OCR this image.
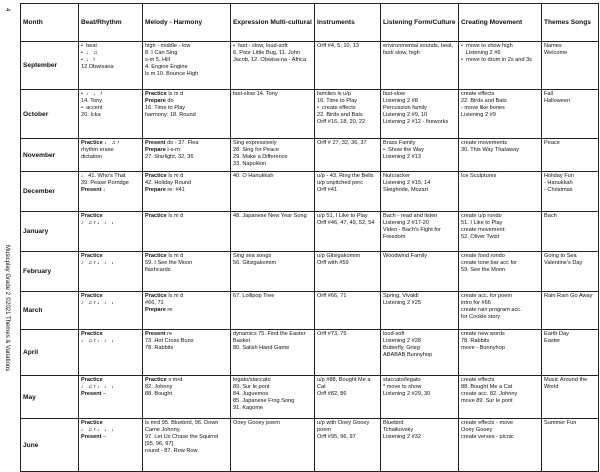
4
Musicplay Grade 2 ©2021 Themes & Variations
Month	Beat/Rhythm	Melody - Harmony	Expression Multi-cultural	Instruments	Listening Form/Culture	Creating Movement	Themes Songs
September	•  beat
•  ♩ ♫
•  ♩ 𝄽
12.Obwisana	high - middle - low
8. I Can Sing
s-m 5. Hill
4. Engine Engine
ls m 10. Bounce High	•  fast - slow, loud-soft
6. Poor Little Bug, 11. John Jacob, 12. Obwisa-na - Africa	Orff #4, 5, 10, 13	environmental sounds, beat, fast/ slow, high	•  move to show high
Listening 2 #6
•  move to drum in 2s and 3s	Names
Welcome

October	•  ♩ ♩ 𝄽
14. Tony
•  accent
20. Icka	Practice ls m d
Prepare do
16. Time to Play
harmony: 18. Round	fast-slow 14. Tony	families ls u/p
16. Time to Play
•  create effects
22. Birds and Bats
Orff #16, 18, 20, 22	fast-slow
Listening 2 #8
Percussion family
Listening 2 #9, 10
Listening 2 #12 - fireworks	create effects
22. Birds and Bats
- move like bones
Listening 2 #9	Fall
Halloween

November	Practice ♩ ♫ 𝄽
rhythm erase
dictation	Present do - 37. Flea
Prepare l-s-m:
27. Starlight, 32, 36	Sing expressively
28. Sing for Peace
29. Make a Difference
33. Napoléon	Orff # 27, 32, 36, 37	Brass Family
•  Show the Way
Listening 2 #13	create movements
30. This Way Thataway	Peace

December	♩ 41. Who's That
39. Pease Porridge
Present ♩	Practice ls m d
42. Holiday Round
Prepare re: #41	40. O Hanukkah	u/p - 43. Ring the Bells
u/p unpitched perc
Orff #41	Nutcracker
Listening 2 #15, 14
Sleighride, Mozart	Ice Sculptures	Holiday Fun
- Hanukkah
- Christmas

January	Practice
♩ ♫ 𝄽 ♩ ♩ ♩	Practice ls m d	48. Japanese New Year Song	u/p 51, I Like to Play
Orff #46, 47, 49, 52, 54	Bach - read and listen
Listening 2 #17-20
Video - Bach's Fight for Freedom	create u/p rondo
51. I Like to Play
create movement:
52. Oliver Twist	Bach

February	Practice
♩ ♫ 𝄽 ♩ ♩ ♩	Practice ls m d
59. I See the Moon
flashcards	Sing sea songs
56. Gitsigakomim	u/p Gitsigakomim
Orff with #59	Woodwind Family	create food rondo
create tone bar acc for
59. See the Moon	Going to Sea
Valentine's Day

March	Practice
♩ ♫ 𝄽 ♩ ♩ ♩	Practice ls m d
#66, 71
Prepare re	67. Lollipop Tree	Orff #66, 71	Spring, Vivaldi
Listening 2 #25	create acc. for poem
intro for #66
create rain program acc.
for Cookie story	Rain Rain Go Away

April	Practice
♩ ♫ 𝄽 ♩ ♩ ♩	Present re
73. Hot Cross Buns
78. Rabbits	dynamics 75. Find the Easter Basket
80. Salish Hand Game	Orff #73, 75	loud-soft
Listening 2 #28
Butterfly, Grieg
ABABAB Bunnyhop	create new words
78. Rabbits
move - Bunnyhop	Earth Day
Easter

May	Practice
♩ ♫ 𝄽 ♩ ♩ ♩
Present –	Practice s mrd
82. Johnny
88. Bought	legato/staccato
89. Sur le pont
84. Juguemos
85. Japanese Frog Song
91. Kagome	u/p #88, Bought Me a Cat
Orff #82, 86	staccato/legato
* move to show
Listening 2 #29, 30	create effects
88. Bought Me a Cat
create acc. 82. Johnny
move 89. Sur le pont	Music Around the World

June	Practice
♩ ♫ 𝄽 ♩ ♩ ♩
Present –	ls mrd 95. Bluebird, 96. Down Came Johnny,
97. Let Us Chase the Squirrel [95, 96, 97]
round - 87. Row Row	Ooey Gooey poem	u/p with Ooey Gooey poem
Orff #95, 96, 97	Bluebird
Tchaikovsky
Listening 2 #32	create effects - move
Ooey Gooey
create verses - picnic	Summer Fun
